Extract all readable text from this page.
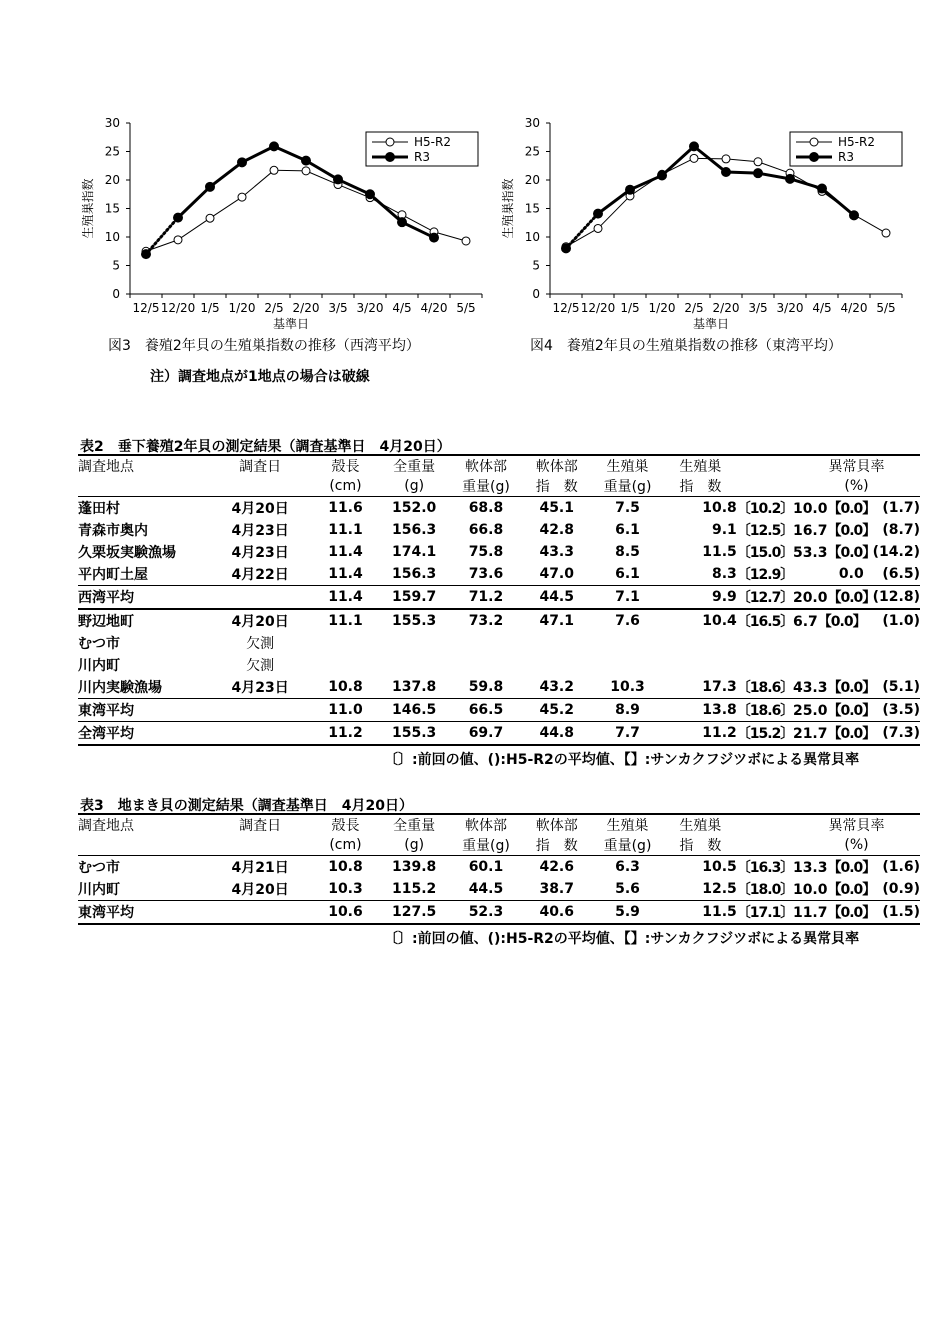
0
5
10
15
20
25
30
12/5 12/20 1/5 1/20 2/5 2/20 3/5 3/20 4/5 4/20 5/5
基準日
生殖巣指数
H5-R2
R3
図3　養殖2年貝の生殖巣指数の推移（西湾平均）
0
5
10
15
20
25
30
12/5 12/20 1/5 1/20 2/5 2/20 3/5 3/20 4/5 4/20 5/5
基準日
生殖巣指数
H5-R2
R3
図4　養殖2年貝の生殖巣指数の推移（東湾平均）
注）調査地点が1地点の場合は破線
表2　垂下養殖2年貝の測定結果（調査基準日　4月20日）
調査地点	調査日	殻長	全重量	軟体部	軟体部	生殖巣	生殖巣		異常貝率	
		(cm)	(g)	重量(g)	指　数	重量(g)	指　数		(%)	
蓬田村	4月20日	11.6	152.0	68.8	45.1	7.5	10.8	〔10.2〕	10.0【0.0】	(1.7)
青森市奥内	4月23日	11.1	156.3	66.8	42.8	6.1	9.1	〔12.5〕	16.7【0.0】	(8.7)
久栗坂実験漁場	4月23日	11.4	174.1	75.8	43.3	8.5	11.5	〔15.0〕	53.3【0.0】	(14.2)
平内町土屋	4月22日	11.4	156.3	73.6	47.0	6.1	8.3	〔12.9〕	0.0	(6.5)
西湾平均		11.4	159.7	71.2	44.5	7.1	9.9	〔12.7〕	20.0【0.0】	(12.8)
野辺地町	4月20日	11.1	155.3	73.2	47.1	7.6	10.4	〔16.5〕	6.7【0.0】	(1.0)
むつ市	欠測									
川内町	欠測									
川内実験漁場	4月23日	10.8	137.8	59.8	43.2	10.3	17.3	〔18.6〕	43.3【0.0】	(5.1)
東湾平均		11.0	146.5	66.5	45.2	8.9	13.8	〔18.6〕	25.0【0.0】	(3.5)
全湾平均		11.2	155.3	69.7	44.8	7.7	11.2	〔15.2〕	21.7【0.0】	(7.3)
〔〕:前回の値、():H5-R2の平均値、【】:サンカクフジツボによる異常貝率
表3　地まき貝の測定結果（調査基準日　4月20日）
調査地点	調査日	殻長	全重量	軟体部	軟体部	生殖巣	生殖巣		異常貝率	
		(cm)	(g)	重量(g)	指　数	重量(g)	指　数		(%)	
むつ市	4月21日	10.8	139.8	60.1	42.6	6.3	10.5	〔16.3〕	13.3【0.0】	(1.6)
川内町	4月20日	10.3	115.2	44.5	38.7	5.6	12.5	〔18.0〕	10.0【0.0】	(0.9)
東湾平均		10.6	127.5	52.3	40.6	5.9	11.5	〔17.1〕	11.7【0.0】	(1.5)
〔〕:前回の値、():H5-R2の平均値、【】:サンカクフジツボによる異常貝率
